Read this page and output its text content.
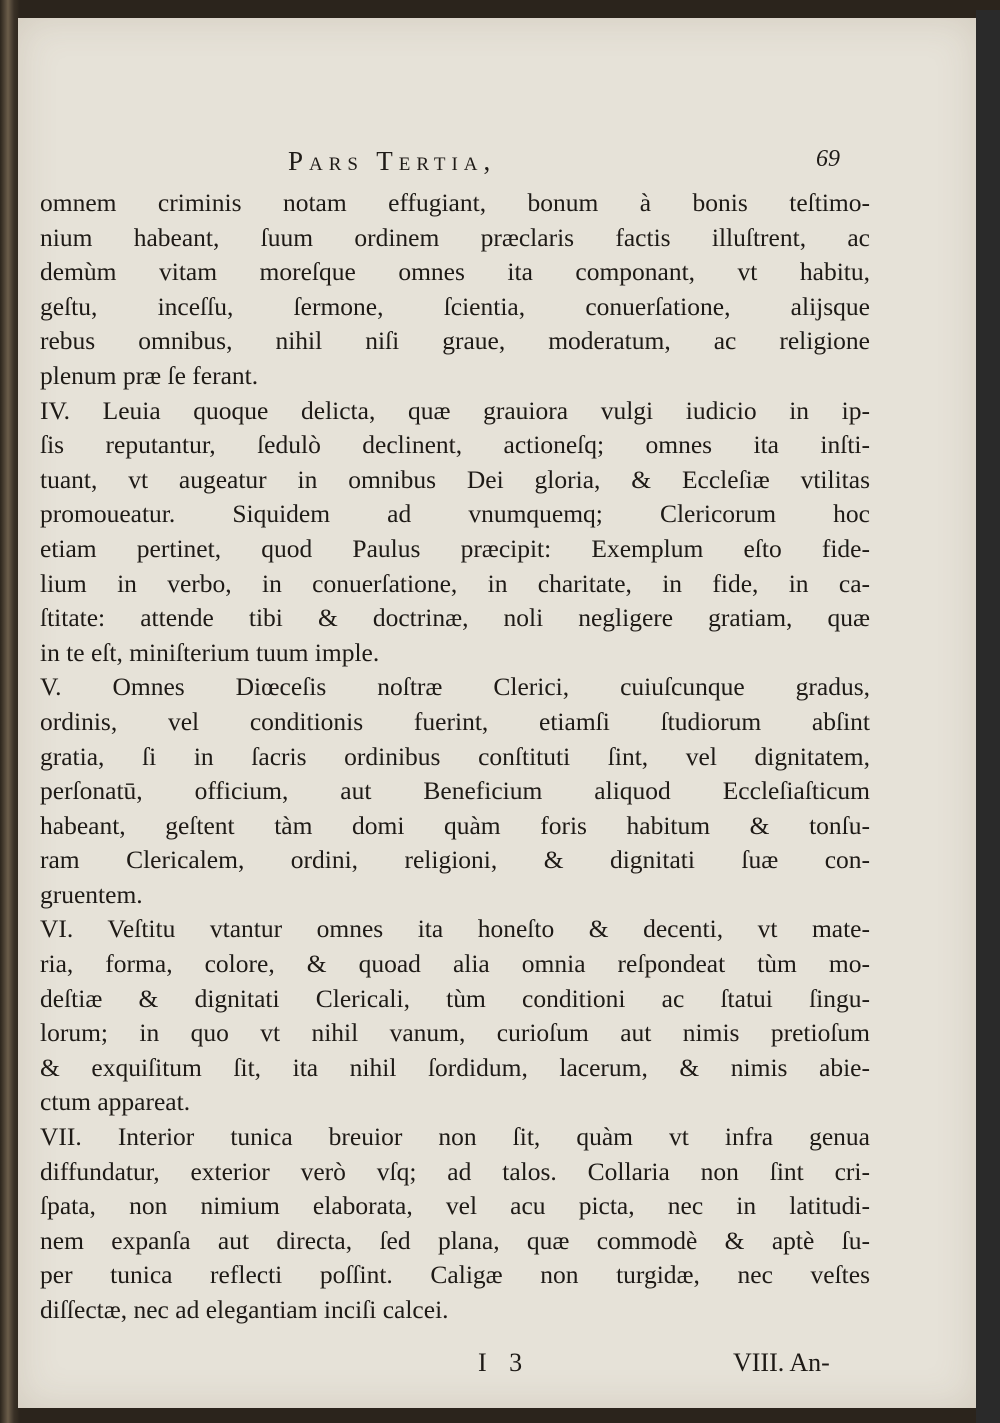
Pars Tertia,	69
omnem criminis notam effugiant, bonum à bonis teſtimo-
nium habeant, ſuum ordinem præclaris factis illuſtrent, ac
demùm vitam moreſque omnes ita componant, vt habitu,
geſtu, inceſſu, ſermone, ſcientia, conuerſatione, alijsque
rebus omnibus, nihil niſi graue, moderatum, ac religione
plenum præ ſe ferant.
IV. Leuia quoque delicta, quæ grauiora vulgi iudicio in ip-
ſis reputantur, ſedulò declinent, actioneſq; omnes ita inſti-
tuant, vt augeatur in omnibus Dei gloria, & Eccleſiæ vtilitas
promoueatur. Siquidem ad vnumquemq; Clericorum hoc
etiam pertinet, quod Paulus præcipit: Exemplum eſto fide-
lium in verbo, in conuerſatione, in charitate, in fide, in ca-
ſtitate: attende tibi & doctrinæ, noli negligere gratiam, quæ
in te eſt, miniſterium tuum imple.
V. Omnes Diœceſis noſtræ Clerici, cuiuſcunque gradus,
ordinis, vel conditionis fuerint, etiamſi ſtudiorum abſint
gratia, ſi in ſacris ordinibus conſtituti ſint, vel dignitatem,
perſonatū, officium, aut Beneficium aliquod Eccleſiaſticum
habeant, geſtent tàm domi quàm foris habitum & tonſu-
ram Clericalem, ordini, religioni, & dignitati ſuæ con-
gruentem.
VI. Veſtitu vtantur omnes ita honeſto & decenti, vt mate-
ria, forma, colore, & quoad alia omnia reſpondeat tùm mo-
deſtiæ & dignitati Clericali, tùm conditioni ac ſtatui ſingu-
lorum; in quo vt nihil vanum, curioſum aut nimis pretioſum
& exquiſitum ſit, ita nihil ſordidum, lacerum, & nimis abie-
ctum appareat.
VII. Interior tunica breuior non ſit, quàm vt infra genua
diffundatur, exterior verò vſq; ad talos. Collaria non ſint cri-
ſpata, non nimium elaborata, vel acu picta, nec in latitudi-
nem expanſa aut directa, ſed plana, quæ commodè & aptè ſu-
per tunica reflecti poſſint. Caligæ non turgidæ, nec veſtes
diſſectæ, nec ad elegantiam inciſi calcei.
I 3	VIII. An-
